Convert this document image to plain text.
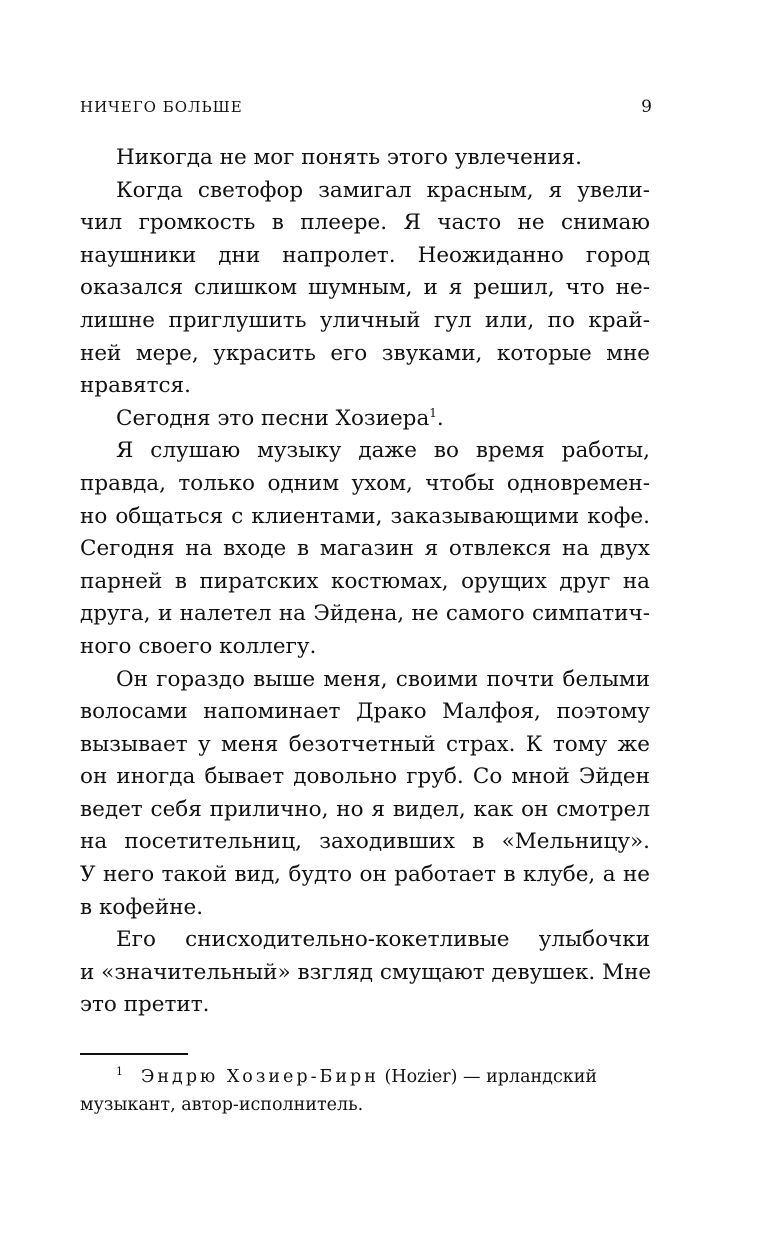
НИЧЕГО БОЛЬШЕ	9

Никогда не мог понять этого увлечения.

Когда светофор замигал красным, я увели-
чил громкость в плеере. Я часто не снимаю
наушники дни напролет. Неожиданно город
оказался слишком шумным, и я решил, что не-
лишне приглушить уличный гул или, по край-
ней мере, украсить его звуками, которые мне
нравятся.

Сегодня это песни Хозиера$^1$.

Я слушаю музыку даже во время работы,
правда, только одним ухом, чтобы одновремен-
но общаться с клиентами, заказывающими кофе.
Сегодня на входе в магазин я отвлекся на двух
парней в пиратских костюмах, орущих друг на
друга, и налетел на Эйдена, не самого симпатич-
ного своего коллегу.

Он гораздо выше меня, своими почти белыми
волосами напоминает Драко Малфоя, поэтому
вызывает у меня безотчетный страх. К тому же
он иногда бывает довольно груб. Со мной Эйден
ведет себя прилично, но я видел, как он смотрел
на посетительниц, заходивших в «Мельницу».
У него такой вид, будто он работает в клубе, а не
в кофейне.

Его снисходительно-кокетливые улыбочки
и «значительный» взгляд смущают девушек. Мне
это претит.

$^1$ Эндрю Хозиер-Бирн (Hozier) — ирландский
музыкант, автор-исполнитель.
